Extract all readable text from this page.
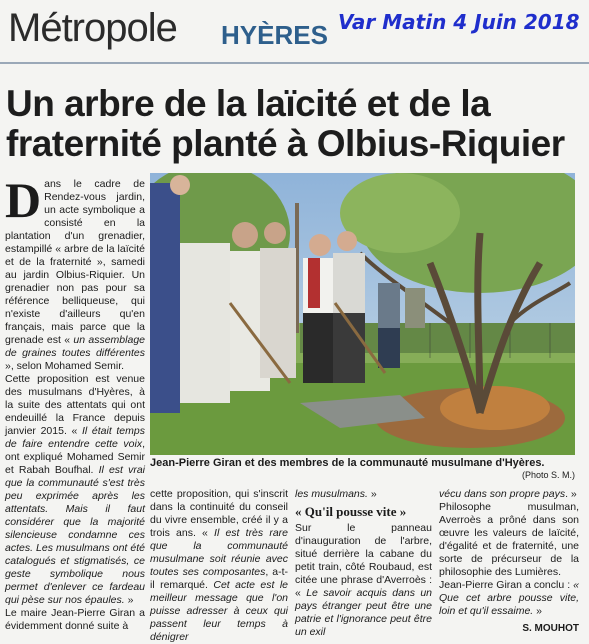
Métropole HYÈRES Var Matin 4 Juin 2018
Un arbre de la laïcité et de la fraternité planté à Olbius-Riquier

Dans le cadre de Rendez-vous jardin, un acte symbolique a consisté en la plantation d'un grenadier, estampillé « arbre de la laïcité et de la fraternité », samedi au jardin Olbius-Riquier. Un grenadier non pas pour sa référence belliqueuse, qui n'existe d'ailleurs qu'en français, mais parce que la grenade est « un assemblage de graines toutes différentes », selon Mohamed Semir.

Cette proposition est venue des musulmans d'Hyères, à la suite des attentats qui ont endeuillé la France depuis janvier 2015. « Il était temps de faire entendre cette voix, ont expliqué Mohamed Semir et Rabah Boufhal. Il est vrai que la communauté s'est très peu exprimée après les attentats. Mais il faut considérer que la majorité silencieuse condamne ces actes. Les musulmans ont été catalogués et stigmatisés, ce geste symbolique nous permet d'enlever ce fardeau qui pèse sur nos épaules. »

Le maire Jean-Pierre Giran a évidemment donné suite à

Jean-Pierre Giran et des membres de la communauté musulmane d'Hyères.
(Photo S. M.)

cette proposition, qui s'inscrit dans la continuité du conseil du vivre ensemble, créé il y a trois ans. « Il est très rare que la communauté musulmane soit réunie avec toutes ses composantes, a-t-il remarqué. Cet acte est le meilleur message que l'on puisse adresser à ceux qui passent leur temps à dénigrer

les musulmans. »

« Qu'il pousse vite »

Sur le panneau d'inauguration de l'arbre, situé derrière la cabane du petit train, côté Roubaud, est citée une phrase d'Averroès : « Le savoir acquis dans un pays étranger peut être une patrie et l'ignorance peut être un exil

vécu dans son propre pays. »

Philosophe musulman, Averroès a prôné dans son œuvre les valeurs de laïcité, d'égalité et de fraternité, une sorte de précurseur de la philosophie des Lumières.

Jean-Pierre Giran a conclu : « Que cet arbre pousse vite, loin et qu'il essaime. »

S. MOUHOT
